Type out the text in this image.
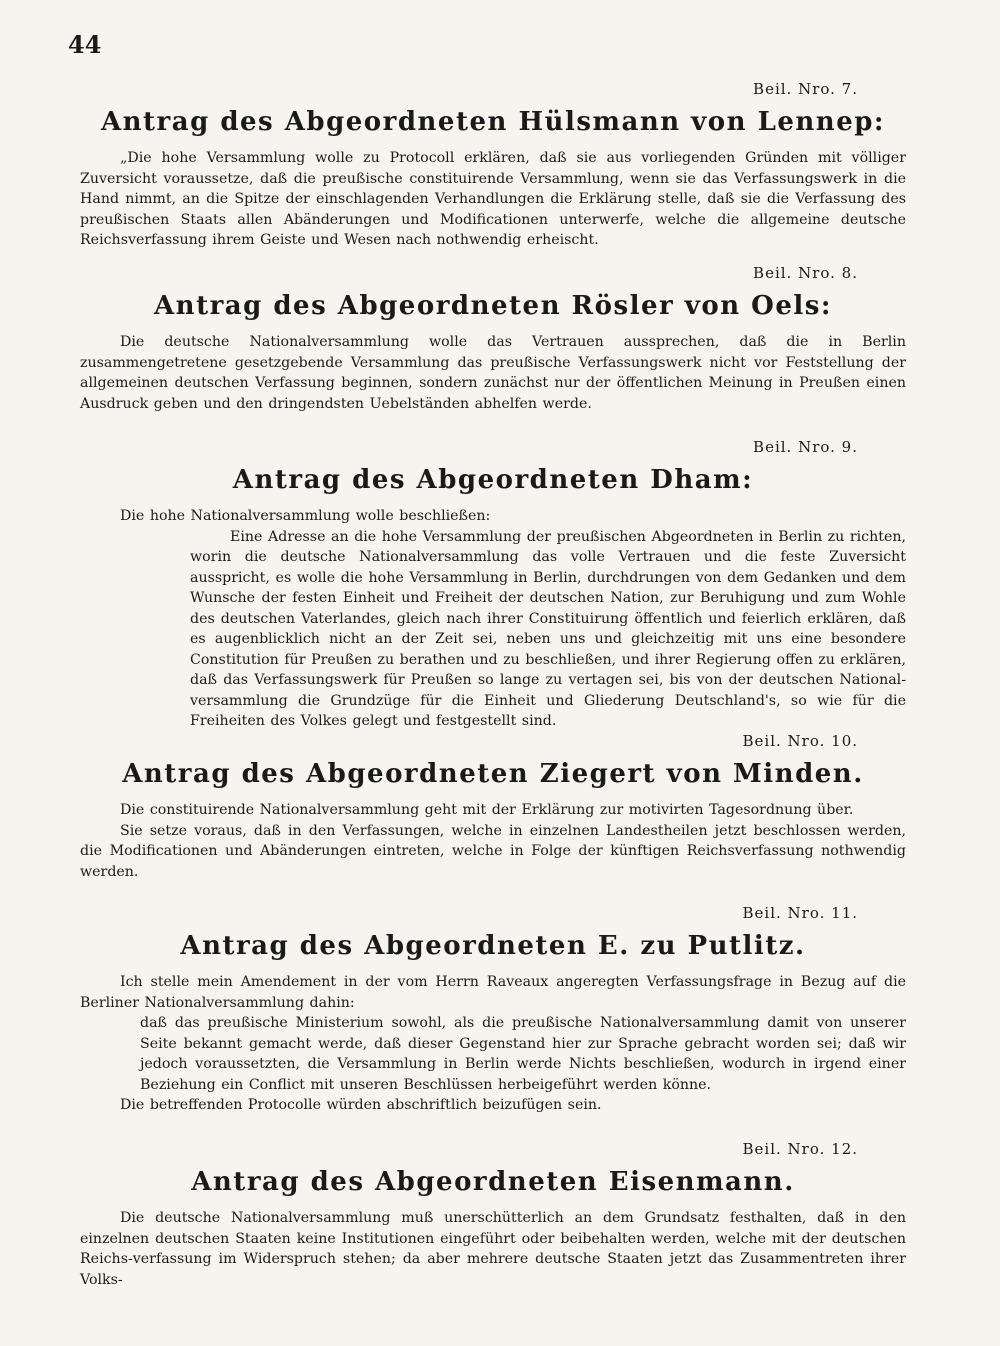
44
Beil. Nro. 7.
Antrag des Abgeordneten Hülsmann von Lennep:

„Die hohe Versammlung wolle zu Protocoll erklären, daß sie aus vorliegenden Gründen mit völliger Zuversicht voraussetze, daß die preußische constituirende Versammlung, wenn sie das Verfassungswerk in die Hand nimmt, an die Spitze der einschlagenden Verhandlungen die Erklärung stelle, daß sie die Verfassung des preußischen Staats allen Abänderungen und Modificationen unterwerfe, welche die allgemeine deutsche Reichsverfassung ihrem Geiste und Wesen nach nothwendig erheischt.

Beil. Nro. 8.
Antrag des Abgeordneten Rösler von Oels:

Die deutsche Nationalversammlung wolle das Vertrauen aussprechen, daß die in Berlin zusammengetretene gesetzgebende Versammlung das preußische Verfassungswerk nicht vor Feststellung der allgemeinen deutschen Verfassung beginnen, sondern zunächst nur der öffentlichen Meinung in Preußen einen Ausdruck geben und den dringendsten Uebelständen abhelfen werde.

Beil. Nro. 9.
Antrag des Abgeordneten Dham:

Die hohe Nationalversammlung wolle beschließen:

Eine Adresse an die hohe Versammlung der preußischen Abgeordneten in Berlin zu richten, worin die deutsche Nationalversammlung das volle Vertrauen und die feste Zuversicht ausspricht, es wolle die hohe Versammlung in Berlin, durchdrungen von dem Gedanken und dem Wunsche der festen Einheit und Freiheit der deutschen Nation, zur Beruhigung und zum Wohle des deutschen Vaterlandes, gleich nach ihrer Constituirung öffentlich und feierlich erklären, daß es augenblicklich nicht an der Zeit sei, neben uns und gleichzeitig mit uns eine besondere Constitution für Preußen zu berathen und zu beschließen, und ihrer Regierung offen zu erklären, daß das Verfassungswerk für Preußen so lange zu vertagen sei, bis von der deutschen National-versammlung die Grundzüge für die Einheit und Gliederung Deutschland's, so wie für die Freiheiten des Volkes gelegt und festgestellt sind.

Beil. Nro. 10.
Antrag des Abgeordneten Ziegert von Minden.

Die constituirende Nationalversammlung geht mit der Erklärung zur motivirten Tagesordnung über.

Sie setze voraus, daß in den Verfassungen, welche in einzelnen Landestheilen jetzt beschlossen werden, die Modificationen und Abänderungen eintreten, welche in Folge der künftigen Reichsverfassung nothwendig werden.

Beil. Nro. 11.
Antrag des Abgeordneten E. zu Putlitz.

Ich stelle mein Amendement in der vom Herrn Raveaux angeregten Verfassungsfrage in Bezug auf die Berliner Nationalversammlung dahin:

daß das preußische Ministerium sowohl, als die preußische Nationalversammlung damit von unserer Seite bekannt gemacht werde, daß dieser Gegenstand hier zur Sprache gebracht worden sei; daß wir jedoch voraussetzten, die Versammlung in Berlin werde Nichts beschließen, wodurch in irgend einer Beziehung ein Conflict mit unseren Beschlüssen herbeigeführt werden könne.

Die betreffenden Protocolle würden abschriftlich beizufügen sein.

Beil. Nro. 12.
Antrag des Abgeordneten Eisenmann.

Die deutsche Nationalversammlung muß unerschütterlich an dem Grundsatz festhalten, daß in den einzelnen deutschen Staaten keine Institutionen eingeführt oder beibehalten werden, welche mit der deutschen Reichs-verfassung im Widerspruch stehen; da aber mehrere deutsche Staaten jetzt das Zusammentreten ihrer Volks-
